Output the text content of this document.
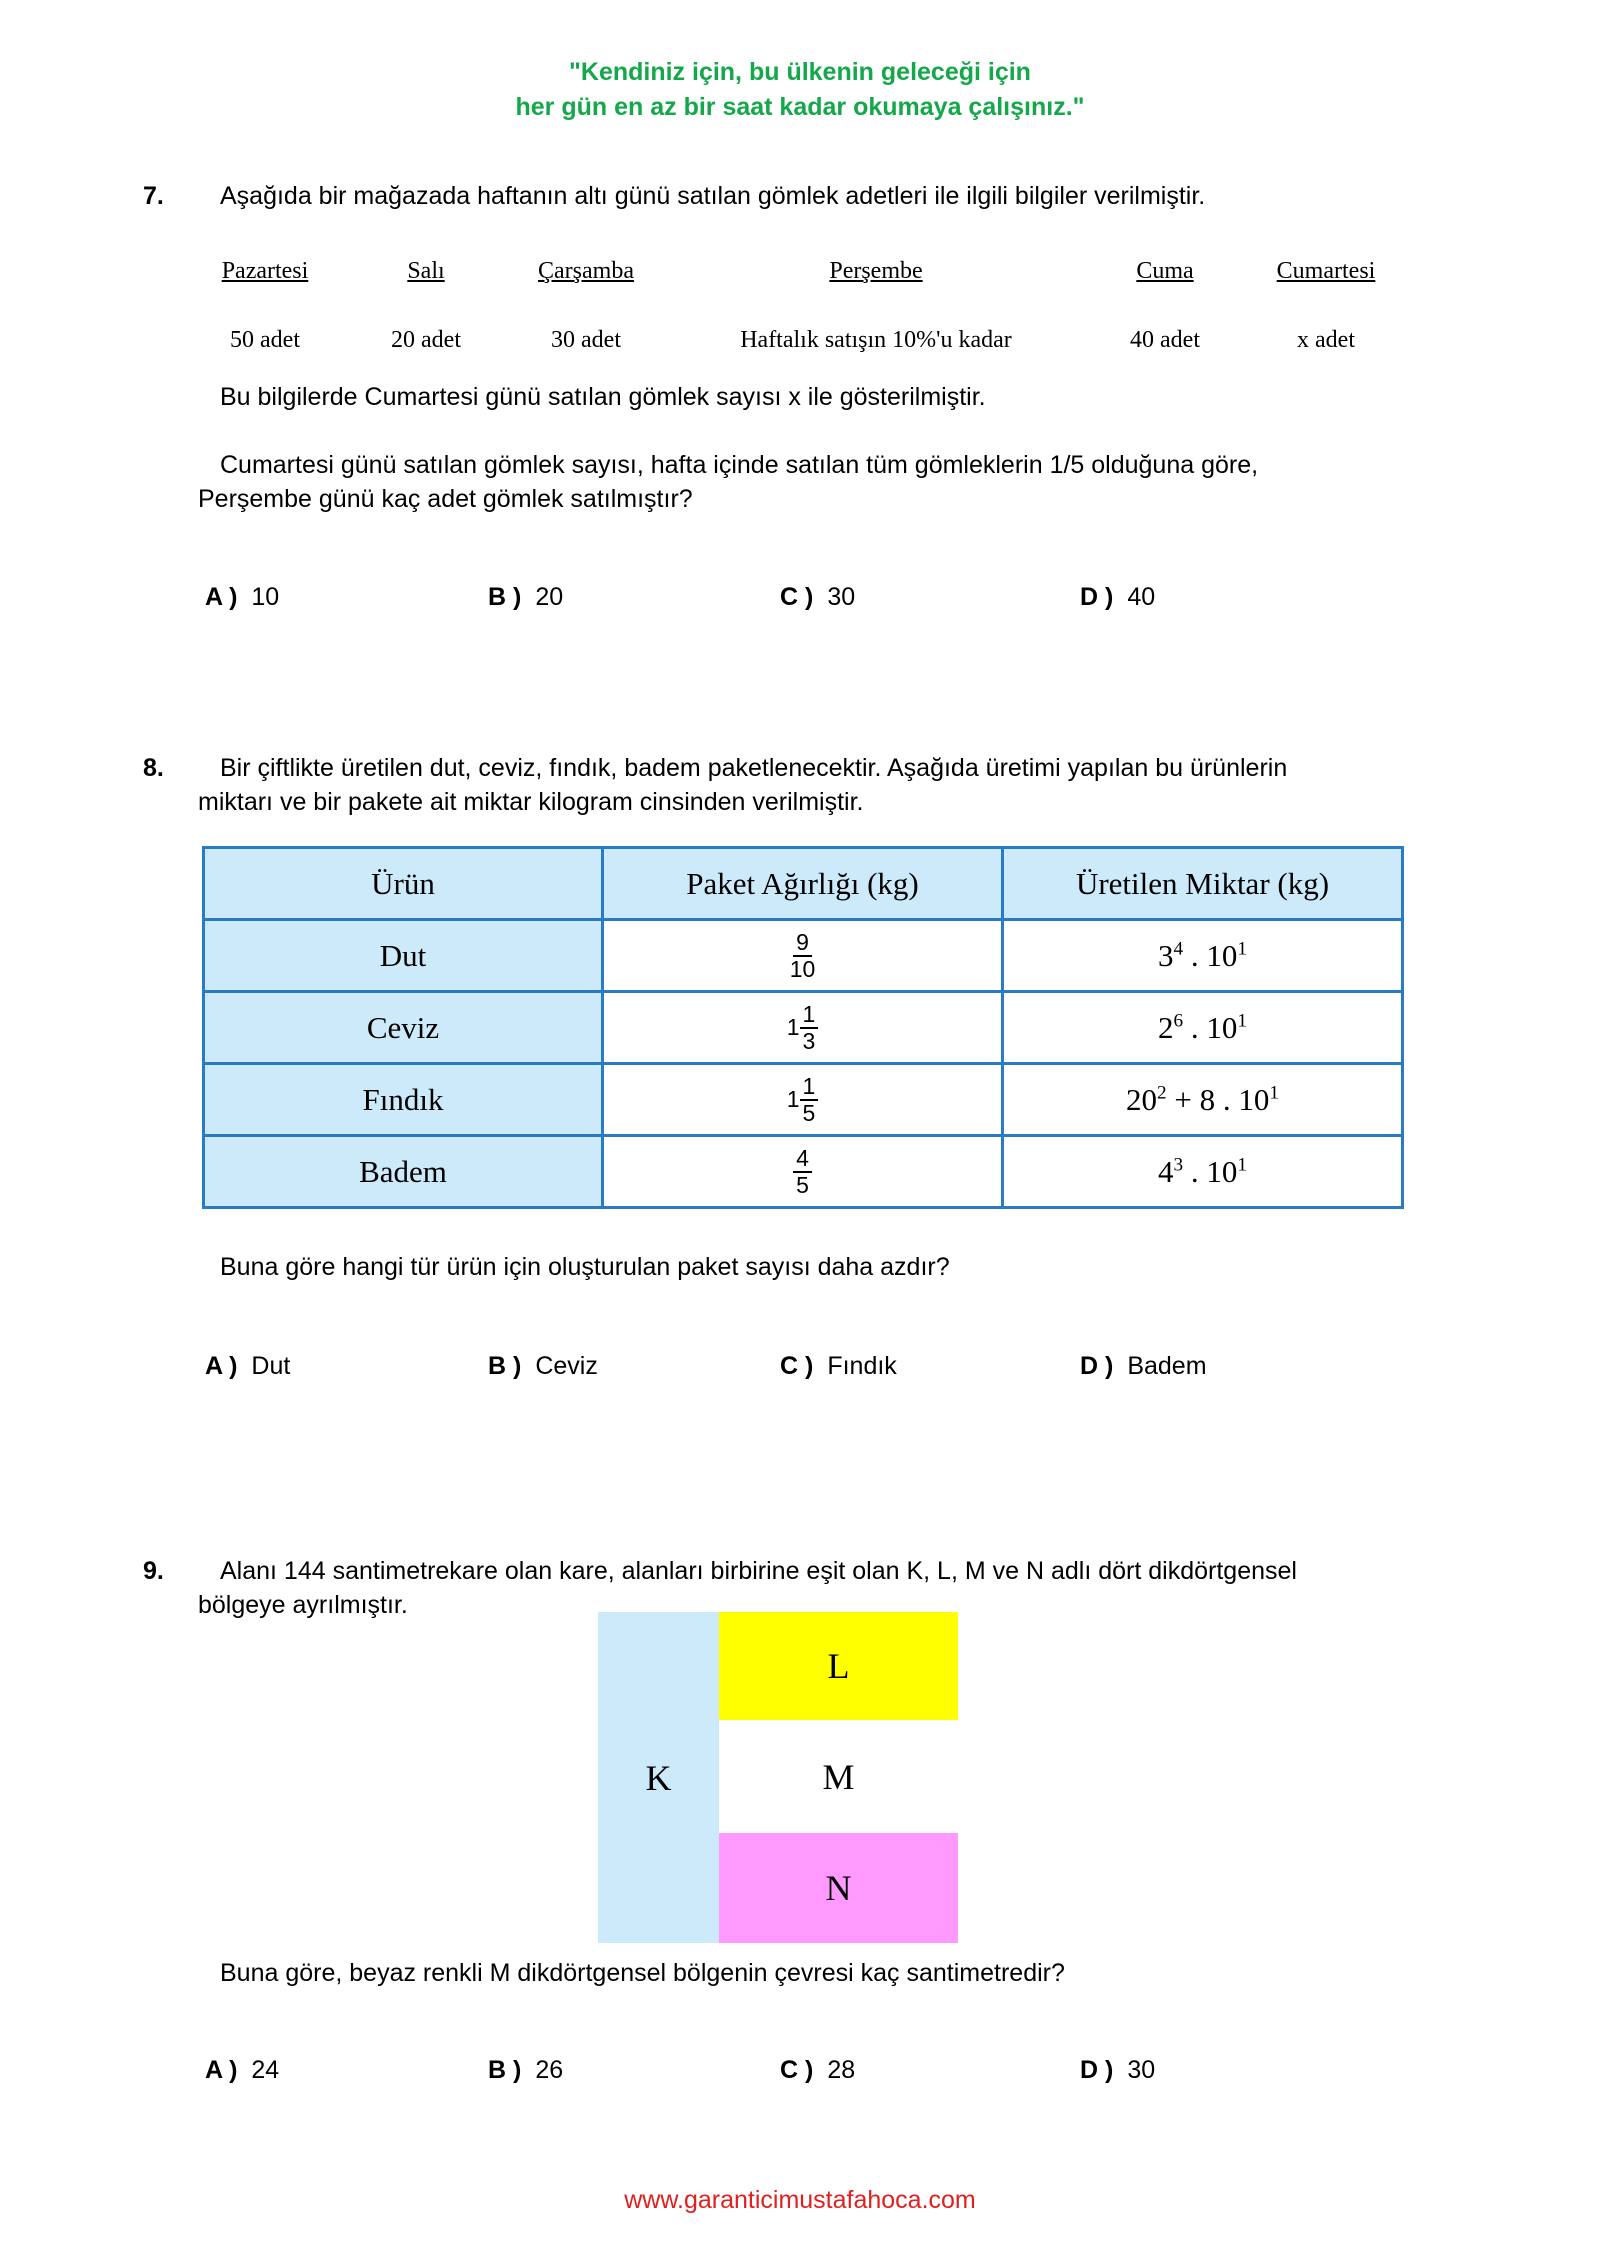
"Kendiniz için, bu ülkenin geleceği için
her gün en az bir saat kadar okumaya çalışınız."
7. Aşağıda bir mağazada haftanın altı günü satılan gömlek adetleri ile ilgili bilgiler verilmiştir.
Pazartesi	Salı	Çarşamba	Perşembe	Cuma	Cumartesi
50 adet	20 adet	30 adet	Haftalık satışın 10%'u kadar	40 adet	x adet
Bu bilgilerde Cumartesi günü satılan gömlek sayısı x ile gösterilmiştir.
Cumartesi günü satılan gömlek sayısı, hafta içinde satılan tüm gömleklerin 1/5 olduğuna göre,
Perşembe günü kaç adet gömlek satılmıştır?
A ) 10	B ) 20	C ) 30	D ) 40
8. Bir çiftlikte üretilen dut, ceviz, fındık, badem paketlenecektir. Aşağıda üretimi yapılan bu ürünlerin
miktarı ve bir pakete ait miktar kilogram cinsinden verilmiştir.
Ürün	Paket Ağırlığı (kg)	Üretilen Miktar (kg)
Dut	$\frac{9}{10}$	$3^4$ . $10^1$
Ceviz	$1 \frac{1}{3}$	$2^6$ . $10^1$
Fındık	$1 \frac{1}{5}$	$20^2 + 8$ . $10^1$
Badem	$\frac{4}{5}$	$4^3$ . $10^1$
Buna göre hangi tür ürün için oluşturulan paket sayısı daha azdır?
A ) Dut	B ) Ceviz	C ) Fındık	D ) Badem
9. Alanı 144 santimetrekare olan kare, alanları birbirine eşit olan K, L, M ve N adlı dört dikdörtgensel
bölgeye ayrılmıştır.
K
L
M
N
Buna göre, beyaz renkli M dikdörtgensel bölgenin çevresi kaç santimetredir?
A ) 24	B ) 26	C ) 28	D ) 30
www.garanticimustafahoca.com
